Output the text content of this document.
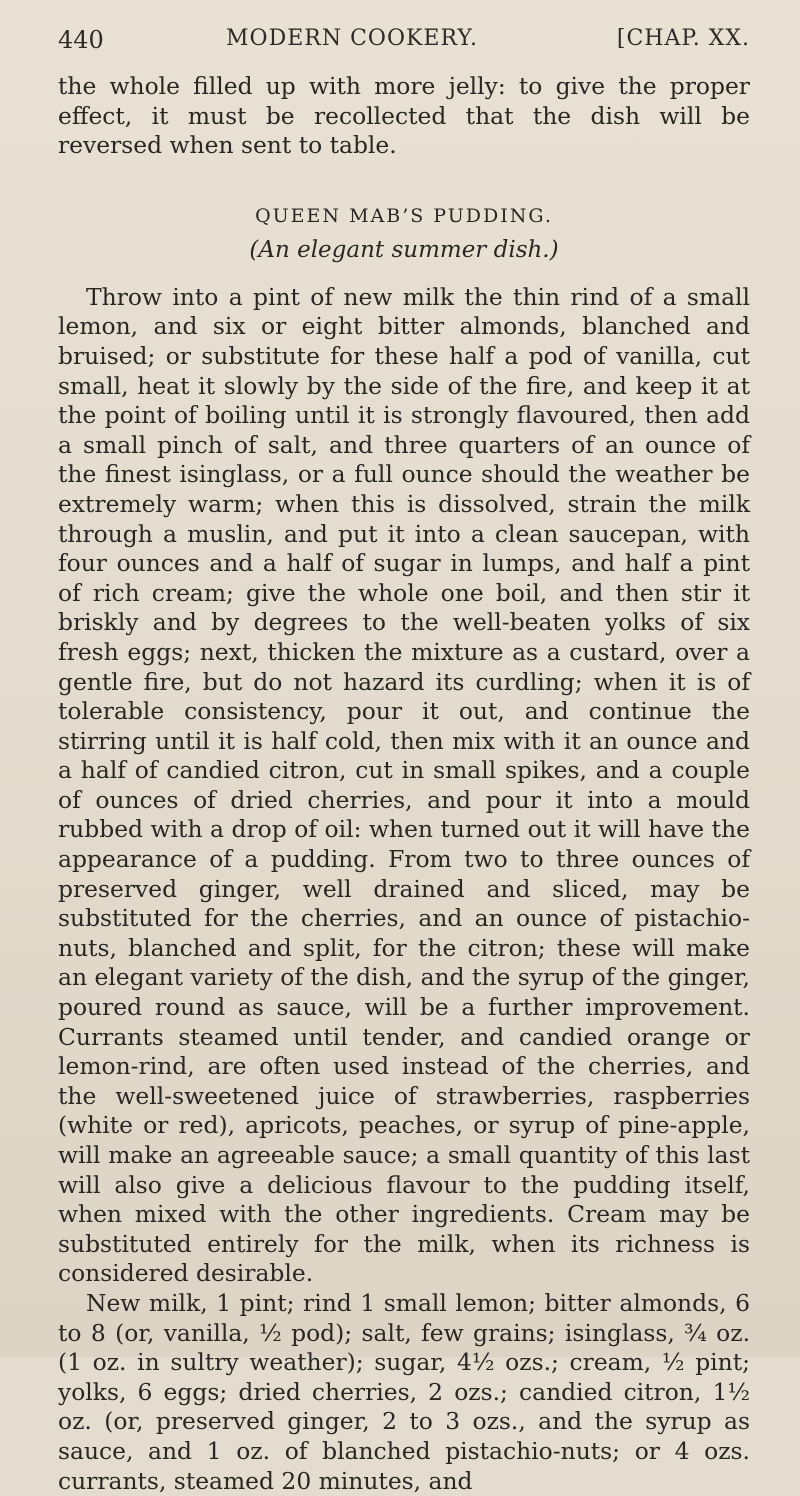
440	MODERN COOKERY.	[CHAP. XX.

the whole filled up with more jelly: to give the proper effect, it must be recollected that the dish will be reversed when sent to table.

QUEEN MAB’S PUDDING.

(An elegant summer dish.)

Throw into a pint of new milk the thin rind of a small lemon, and six or eight bitter almonds, blanched and bruised; or substitute for these half a pod of vanilla, cut small, heat it slowly by the side of the fire, and keep it at the point of boiling until it is strongly flavoured, then add a small pinch of salt, and three quarters of an ounce of the finest isinglass, or a full ounce should the weather be extremely warm; when this is dissolved, strain the milk through a muslin, and put it into a clean saucepan, with four ounces and a half of sugar in lumps, and half a pint of rich cream; give the whole one boil, and then stir it briskly and by degrees to the well-beaten yolks of six fresh eggs; next, thicken the mixture as a custard, over a gentle fire, but do not hazard its curdling; when it is of tolerable consistency, pour it out, and continue the stirring until it is half cold, then mix with it an ounce and a half of candied citron, cut in small spikes, and a couple of ounces of dried cherries, and pour it into a mould rubbed with a drop of oil: when turned out it will have the appearance of a pudding. From two to three ounces of preserved ginger, well drained and sliced, may be substituted for the cherries, and an ounce of pistachio-nuts, blanched and split, for the citron; these will make an elegant variety of the dish, and the syrup of the ginger, poured round as sauce, will be a further improvement. Currants steamed until tender, and candied orange or lemon-rind, are often used instead of the cherries, and the well-sweetened juice of strawberries, raspberries (white or red), apricots, peaches, or syrup of pine-apple, will make an agreeable sauce; a small quantity of this last will also give a delicious flavour to the pudding itself, when mixed with the other ingredients. Cream may be substituted entirely for the milk, when its richness is considered desirable.

New milk, 1 pint; rind 1 small lemon; bitter almonds, 6 to 8 (or, vanilla, ½ pod); salt, few grains; isinglass, ¾ oz. (1 oz. in sultry weather); sugar, 4½ ozs.; cream, ½ pint; yolks, 6 eggs; dried cherries, 2 ozs.; candied citron, 1½ oz. (or, preserved ginger, 2 to 3 ozs., and the syrup as sauce, and 1 oz. of blanched pistachio-nuts; or 4 ozs. currants, steamed 20 minutes, and
